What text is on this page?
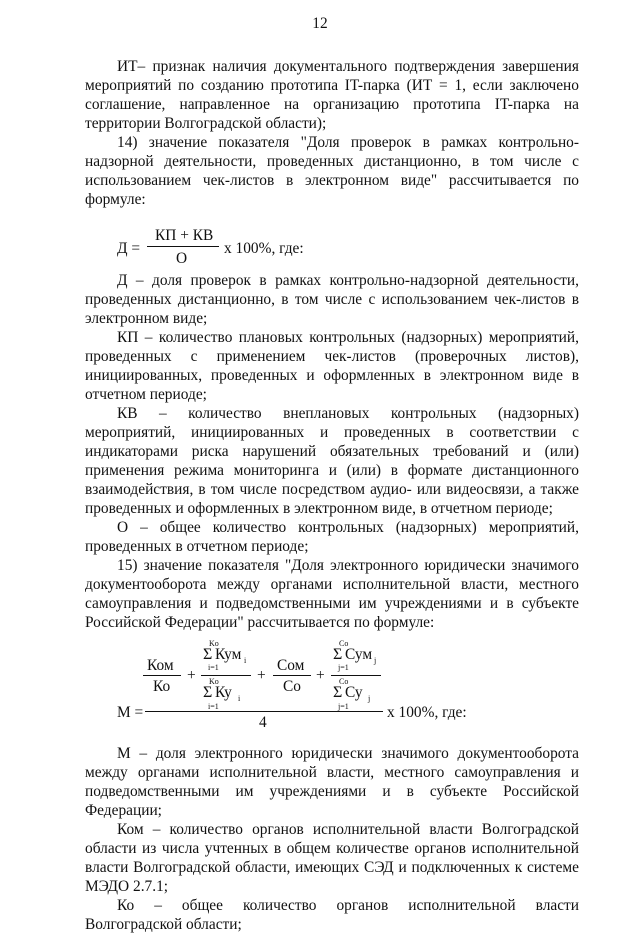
12

ИТ– признак наличия документального подтверждения завершения мероприятий по созданию прототипа IT-парка (ИТ = 1, если заключено соглашение, направленное на организацию прототипа IT-парка на территории Волгоградской области);

14) значение показателя "Доля проверок в рамках контрольно-надзорной деятельности, проведенных дистанционно, в том числе с использованием чек-листов в электронном виде" рассчитывается по формуле:

Д =
КП + КВ
О
x 100%, где:

Д – доля проверок в рамках контрольно-надзорной деятельности, проведенных дистанционно, в том числе с использованием чек-листов в электронном виде;

КП – количество плановых контрольных (надзорных) мероприятий, проведенных с применением чек-листов (проверочных листов), инициированных, проведенных и оформленных в электронном виде в отчетном периоде;

КВ – количество внеплановых контрольных (надзорных) мероприятий, инициированных и проведенных в соответствии с индикаторами риска нарушений обязательных требований и (или) применения режима мониторинга и (или) в формате дистанционного взаимодействия, в том числе посредством аудио- или видеосвязи, а также проведенных и оформленных в электронном виде, в отчетном периоде;

О – общее количество контрольных (надзорных) мероприятий, проведенных в отчетном периоде;

15) значение показателя "Доля электронного юридически значимого документооборота между органами исполнительной власти, местного самоуправления и подведомственными им учреждениями и в субъекте Российской Федерации" рассчитывается по формуле:

Ком
Ко
+
Ko
Σ Кум i
i=1
Ko
Σ Ку i
i=1
+
Сом
Со
+
Co
Σ Сум j
j=1
Co
Σ Су j
j=1
М =
4
x 100%, где:

М – доля электронного юридически значимого документооборота между органами исполнительной власти, местного самоуправления и подведомственными им учреждениями и в субъекте Российской Федерации;

Ком – количество органов исполнительной власти Волгоградской области из числа учтенных в общем количестве органов исполнительной власти Волгоградской области, имеющих СЭД и подключенных к системе МЭДО 2.7.1;

Ко – общее количество органов исполнительной власти Волгоградской области;
